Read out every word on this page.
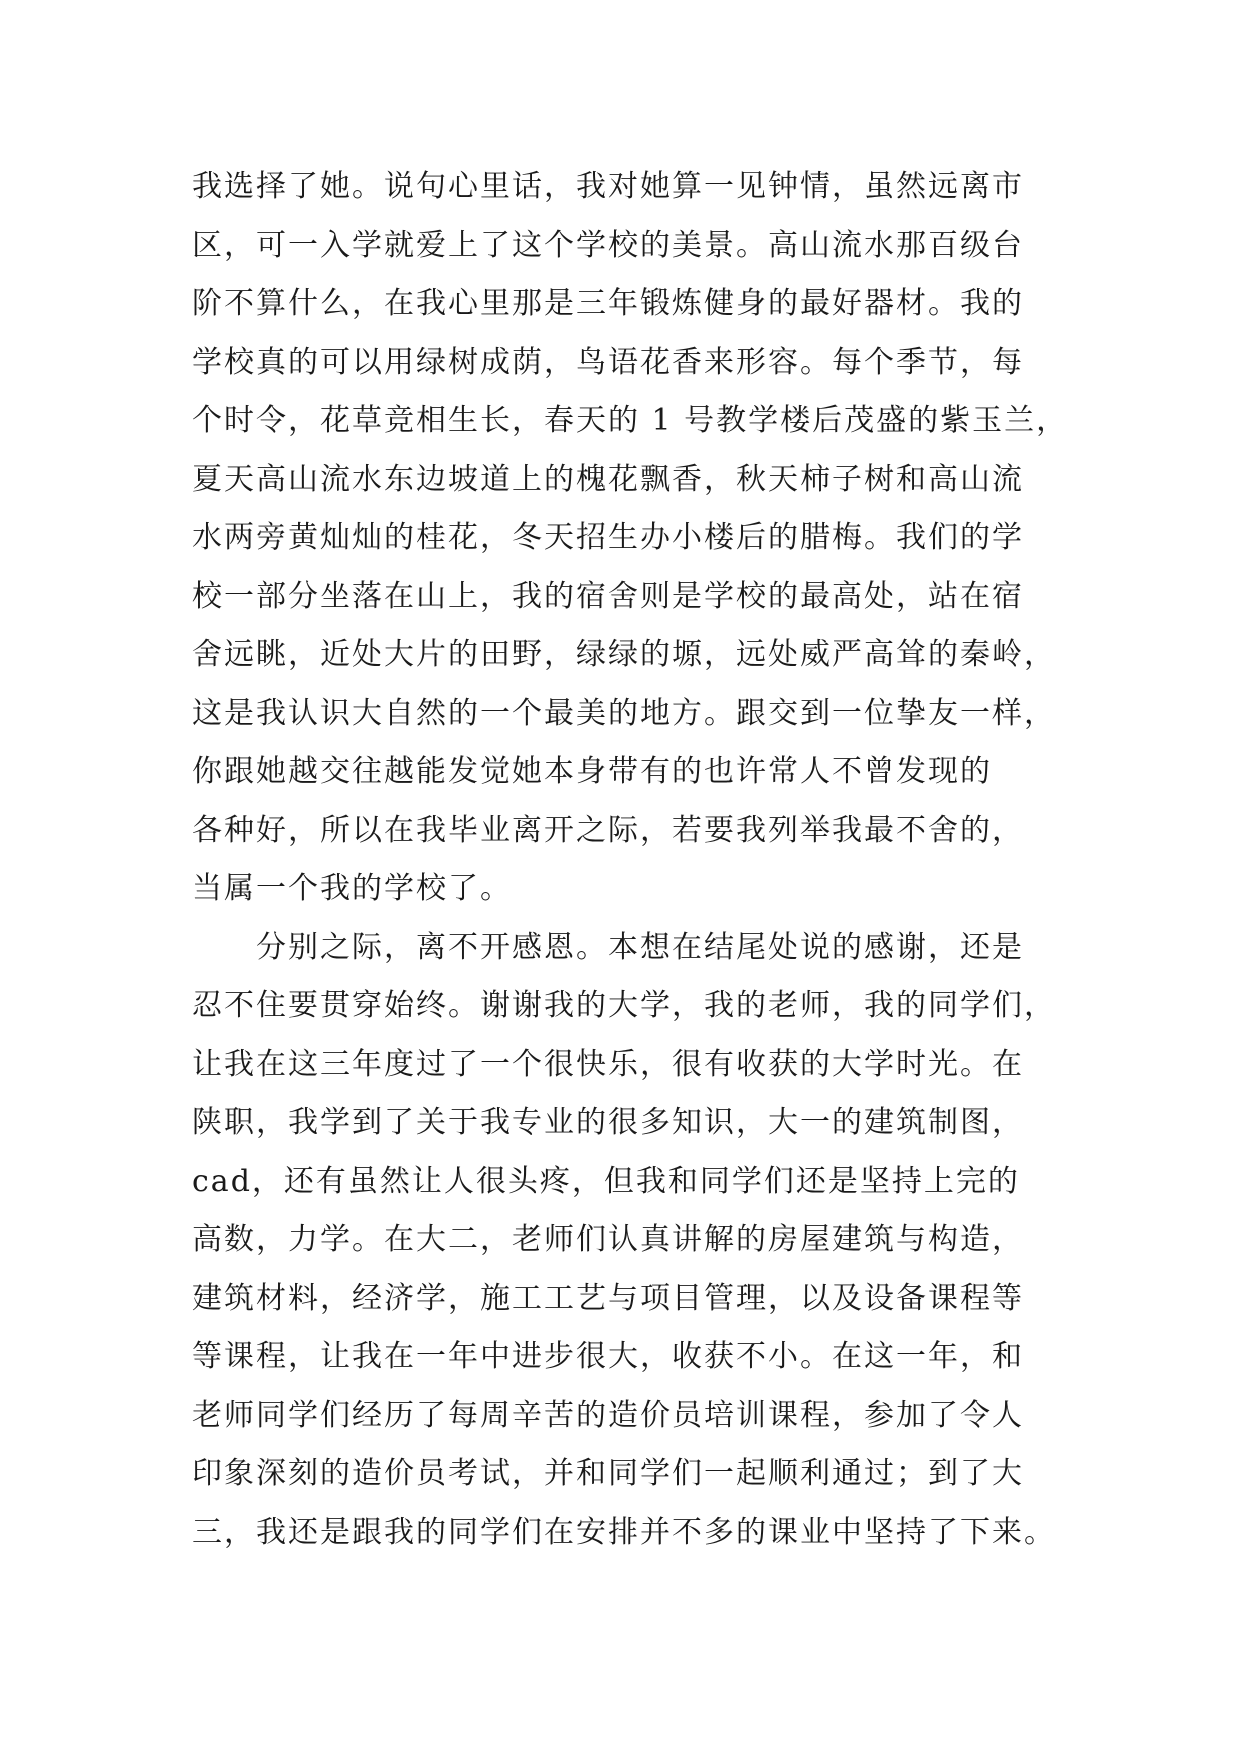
我选择了她。说句心里话，我对她算一见钟情，虽然远离市
区，可一入学就爱上了这个学校的美景。高山流水那百级台
阶不算什么，在我心里那是三年锻炼健身的最好器材。我的
学校真的可以用绿树成荫，鸟语花香来形容。每个季节，每
个时令，花草竞相生长，春天的 1 号教学楼后茂盛的紫玉兰，
夏天高山流水东边坡道上的槐花飘香，秋天柿子树和高山流
水两旁黄灿灿的桂花，冬天招生办小楼后的腊梅。我们的学
校一部分坐落在山上，我的宿舍则是学校的最高处，站在宿
舍远眺，近处大片的田野，绿绿的塬，远处威严高耸的秦岭，
这是我认识大自然的一个最美的地方。跟交到一位挚友一样，
你跟她越交往越能发觉她本身带有的也许常人不曾发现的
各种好，所以在我毕业离开之际，若要我列举我最不舍的，
当属一个我的学校了。
分别之际，离不开感恩。本想在结尾处说的感谢，还是
忍不住要贯穿始终。谢谢我的大学，我的老师，我的同学们，
让我在这三年度过了一个很快乐，很有收获的大学时光。在
陕职，我学到了关于我专业的很多知识，大一的建筑制图，
cad，还有虽然让人很头疼，但我和同学们还是坚持上完的
高数，力学。在大二，老师们认真讲解的房屋建筑与构造，
建筑材料，经济学，施工工艺与项目管理，以及设备课程等
等课程，让我在一年中进步很大，收获不小。在这一年，和
老师同学们经历了每周辛苦的造价员培训课程，参加了令人
印象深刻的造价员考试，并和同学们一起顺利通过；到了大
三，我还是跟我的同学们在安排并不多的课业中坚持了下来。
